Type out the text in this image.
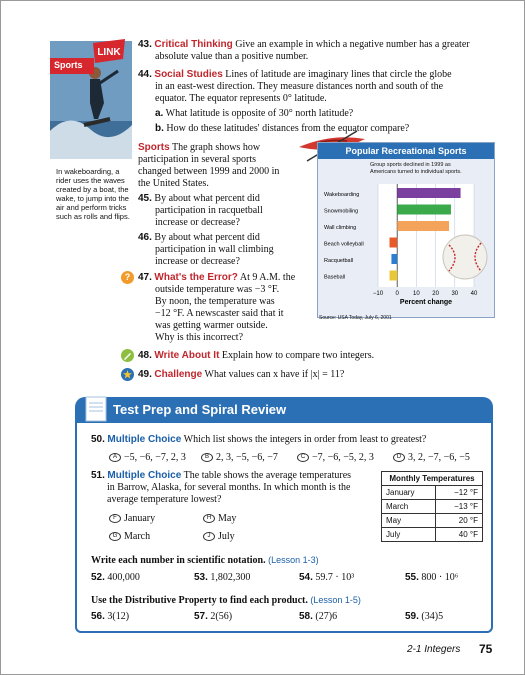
Sports
LINK
In wakeboarding, a rider uses the waves created by a boat, the wake, to jump into the air and perform tricks such as rolls and flips.
43. Critical Thinking Give an example in which a negative number has a greater
absolute value than a positive number.
44. Social Studies Lines of latitude are imaginary lines that circle the globe
in an east-west direction. They measure distances north and south of the
equator. The equator represents 0° latitude.
a. What latitude is opposite of 30° north latitude?
b. How do these latitudes' distances from the equator compare?
Sports The graph shows how
participation in several sports
changed between 1999 and 2000 in
the United States.
45. By about what percent did
participation in racquetball
increase or decrease?
46. By about what percent did
participation in wall climbing
increase or decrease?
? 47. What's the Error? At 9 A.M. the
outside temperature was −3 °F.
By noon, the temperature was
−12 °F. A newscaster said that it
was getting warmer outside.
Why is this incorrect?
48. Write About It Explain how to compare two integers.
49. Challenge What values can x have if |x| = 11?
Popular Recreational Sports
Group sports declined in 1999 as Americans turned to individual sports.
−10 0 10 20 30 40
Wakeboarding
Snowmobiling
Wall climbing
Beach volleyball
Racquetball
Baseball
Percent change
Source: USA Today, July 6, 2001
Test Prep and Spiral Review
50. Multiple Choice Which list shows the integers in order from least to greatest?
A −5, −6, −7, 2, 3	B 2, 3, −5, −6, −7	C −7, −6, −5, 2, 3	D 3, 2, −7, −6, −5
51. Multiple Choice The table shows the average temperatures
in Barrow, Alaska, for several months. In which month is the
average temperature lowest?
F January	H May
G March	J July
Monthly Temperatures	
January	−12 °F
March	−13 °F
May	20 °F
July	40 °F
Write each number in scientific notation. (Lesson 1-3)
52. 400,000	53. 1,802,300	54. 59.7 · 10³	55. 800 · 10⁶
Use the Distributive Property to find each product. (Lesson 1-5)
56. 3(12)	57. 2(56)	58. (27)6	59. (34)5
2-1 Integers 75
